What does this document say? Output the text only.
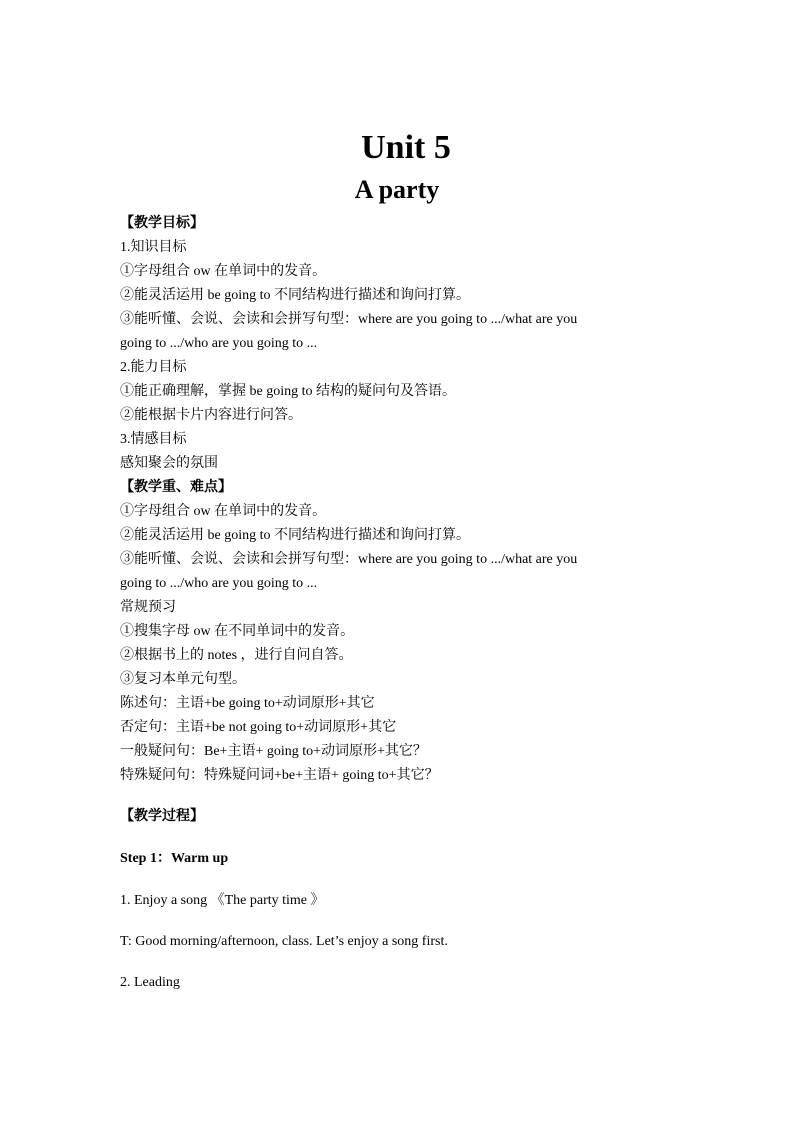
Unit 5
A party
【教学目标】
1.知识目标
①字母组合 ow 在单词中的发音。
②能灵活运用 be going to 不同结构进行描述和询问打算。
③能听懂、会说、会读和会拼写句型：where are you going to .../what are you
going to .../who are you going to ...
2.能力目标
①能正确理解，掌握 be going to 结构的疑问句及答语。
②能根据卡片内容进行问答。
3.情感目标
感知聚会的氛围
【教学重、难点】
①字母组合 ow 在单词中的发音。
②能灵活运用 be going to 不同结构进行描述和询问打算。
③能听懂、会说、会读和会拼写句型：where are you going to .../what are you
going to .../who are you going to ...
常规预习
①搜集字母 ow 在不同单词中的发音。
②根据书上的 notes ，进行自问自答。
③复习本单元句型。
陈述句：主语+be going to+动词原形+其它
否定句：主语+be not going to+动词原形+其它
一般疑问句：Be+主语+ going to+动词原形+其它？
特殊疑问句：特殊疑问词+be+主语+ going to+其它？
【教学过程】
Step 1：Warm up
1. Enjoy a song 《The party time 》
T: Good morning/afternoon, class. Let’s enjoy a song first.
2. Leading
